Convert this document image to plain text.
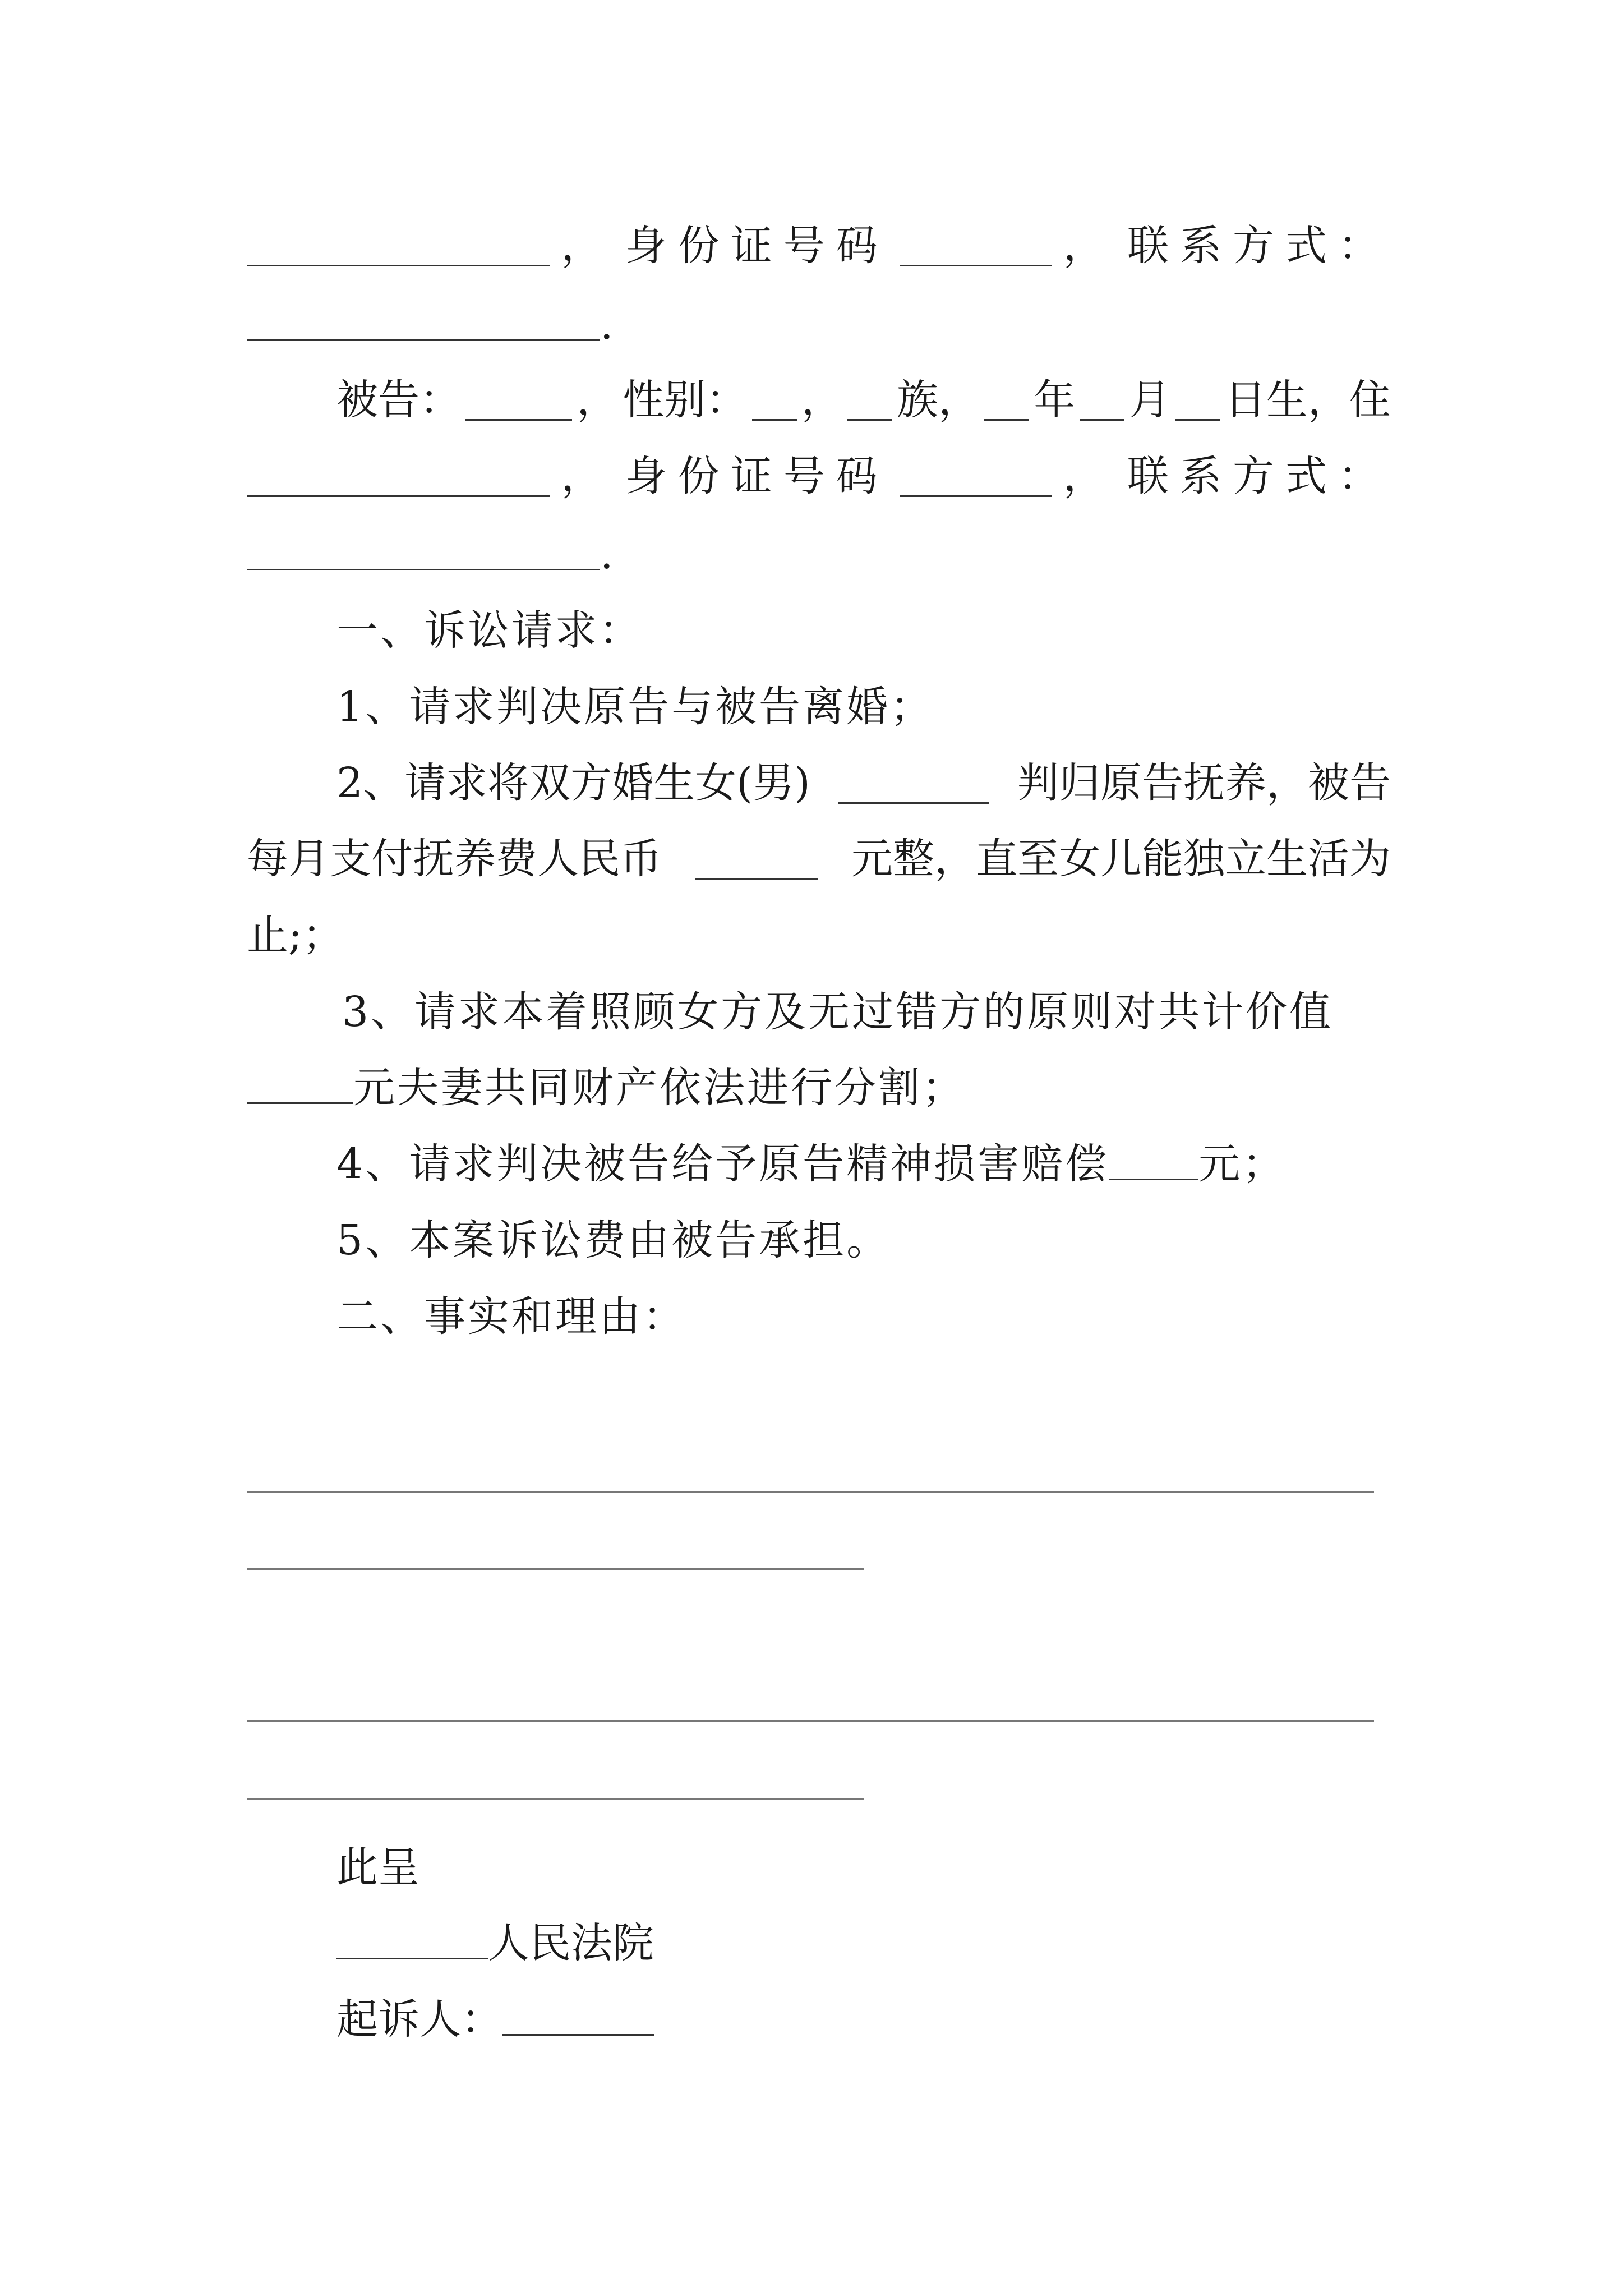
， 身份证号码	， 联系方式：
.
被告：	， 性别： ， 族， 年 月 日生，住
， 身份证号码	， 联系方式：
.
一、诉讼请求：
1、请求判决原告与被告离婚；
2、请求将双方婚生女(男)	判归原告抚养，被告
每月支付抚养费人民币	元整，直至女儿能独立生活为
止;；
3、请求本着照顾女方及无过错方的原则对共计价值
元夫妻共同财产依法进行分割；
4、请求判决被告给予原告精神损害赔偿 元；
5、本案诉讼费由被告承担。
二、事实和理由：
此呈
人民法院
起诉人：
